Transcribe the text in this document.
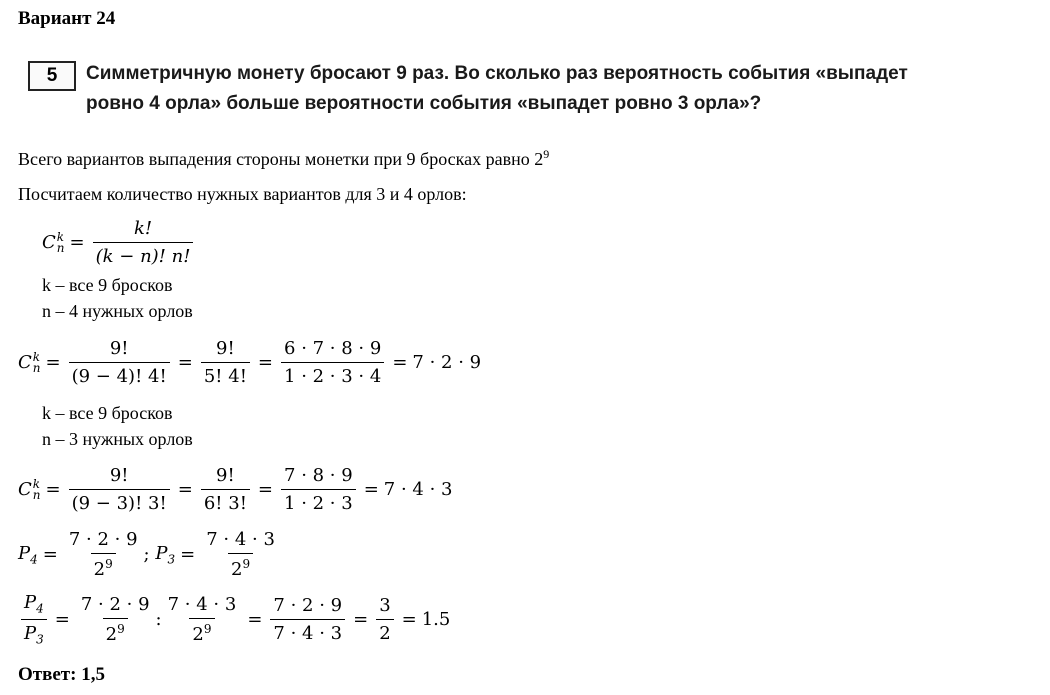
Вариант 24
5	Симметричную монету бросают 9 раз. Во сколько раз вероятность события «выпадет
ровно 4 орла» больше вероятности события «выпадет ровно 3 орла»?
Всего вариантов выпадения стороны монетки при 9 бросках равно $2^9$
Посчитаем количество нужных вариантов для 3 и 4 орлов:
C k
$n = \frac{k!}{(k - n)! n!}$
k – все 9 бросков
n – 4 нужных орлов
C k
$n = \frac{9!}{(9 - 4)! 4!} = \frac{9!}{5! 4!} = \frac{6 \cdot 7 \cdot 8 \cdot 9}{1 \cdot 2 \cdot 3 \cdot 4} = 7 \cdot 2 \cdot 9$
k – все 9 бросков
n – 3 нужных орлов
C k
$n = \frac{9!}{(9 - 3)! 3!} = \frac{9!}{6! 3!} = \frac{7 \cdot 8 \cdot 9}{1 \cdot 2 \cdot 3} = 7 \cdot 4 \cdot 3$
$P_4 = \frac{7 \cdot 2 \cdot 9}{2^9}$ ; $P_3 = \frac{7 \cdot 4 \cdot 3}{2^9}$
$\frac{P_4}{P_3} = \frac{7 \cdot 2 \cdot 9}{2^9}$ : $\frac{7 \cdot 4 \cdot 3}{2^9} = \frac{7 \cdot 2 \cdot 9}{7 \cdot 4 \cdot 3} = \frac{3}{2} = 1.5$
Ответ: 1,5
